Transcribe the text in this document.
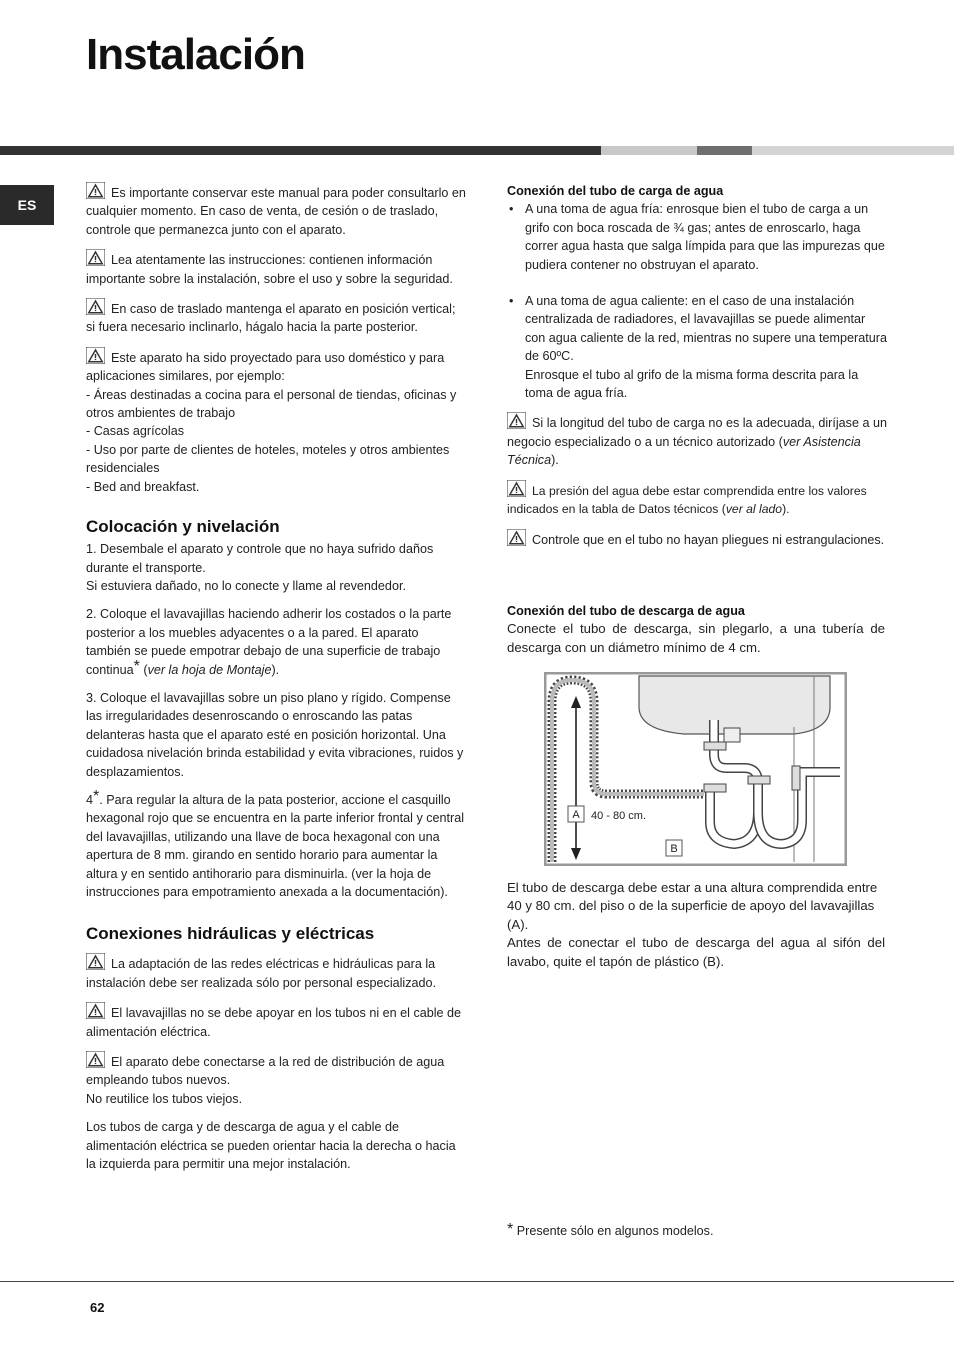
Instalación
ES

Es importante conservar este manual para poder consultarlo en cualquier momento. En caso de venta, de cesión o de traslado, controle que permanezca junto con el aparato.

Lea atentamente las instrucciones: contienen información importante sobre la instalación, sobre el uso y sobre la seguridad.

En caso de traslado mantenga el aparato en posición vertical; si fuera necesario inclinarlo, hágalo hacia la parte posterior.

Este aparato ha sido proyectado para uso doméstico y para aplicaciones similares, por ejemplo:
- Áreas destinadas a cocina para el personal de tiendas, oficinas y otros ambientes de trabajo
- Casas agrícolas
- Uso por parte de clientes de hoteles, moteles y otros ambientes residenciales
- Bed and breakfast.

Colocación y nivelación

1. Desembale el aparato y controle que no haya sufrido daños durante el transporte.
Si estuviera dañado, no lo conecte y llame al revendedor.

2. Coloque el lavavajillas haciendo adherir los costados o la parte posterior a los muebles adyacentes o a la pared. El aparato también se puede empotrar debajo de una superficie de trabajo continua* (ver la hoja de Montaje).

3. Coloque el lavavajillas sobre un piso plano y rígido. Compense las irregularidades desenroscando o enroscando las patas delanteras hasta que el aparato esté en posición horizontal. Una cuidadosa nivelación brinda estabilidad y evita vibraciones, ruidos y desplazamientos.

4*. Para regular la altura de la pata posterior, accione el casquillo hexagonal rojo que se encuentra en la parte inferior frontal y central del lavavajillas, utilizando una llave de boca hexagonal con una apertura de 8 mm. girando en sentido horario para aumentar la altura y en sentido antihorario para disminuirla. (ver la hoja de instrucciones para empotramiento anexada a la documentación).

Conexiones hidráulicas y eléctricas

La adaptación de las redes eléctricas e hidráulicas para la instalación debe ser realizada sólo por personal especializado.

El lavavajillas no se debe apoyar en los tubos ni en el cable de alimentación eléctrica.

El aparato debe conectarse a la red de distribución de agua empleando tubos nuevos.
No reutilice los tubos viejos.

Los tubos de carga y de descarga de agua y el cable de alimentación eléctrica se pueden orientar hacia la derecha o hacia la izquierda para permitir una mejor instalación.

Conexión del tubo de carga de agua
• A una toma de agua fría: enrosque bien el tubo de carga a un grifo con boca roscada de ¾ gas; antes de enroscarlo, haga correr agua hasta que salga límpida para que las impurezas que pudiera contener no obstruyan el aparato.
• A una toma de agua caliente: en el caso de una instalación centralizada de radiadores, el lavavajillas se puede alimentar con agua caliente de la red, mientras no supere una temperatura de 60ºC.
Enrosque el tubo al grifo de la misma forma descrita para la toma de agua fría.

Si la longitud del tubo de carga no es la adecuada, diríjase a un negocio especializado o a un técnico autorizado (ver Asistencia Técnica).

La presión del agua debe estar comprendida entre los valores indicados en la tabla de Datos técnicos (ver al lado).

Controle que en el tubo no hayan pliegues ni estrangulaciones.

Conexión del tubo de descarga de agua

Conecte el tubo de descarga, sin plegarlo, a una tubería de descarga con un diámetro mínimo de 4 cm.

A 40 - 80 cm.
B
El tubo de descarga debe estar a una altura comprendida entre 40 y 80 cm. del piso o de la superficie de apoyo del lavavajillas (A).
Antes de conectar el tubo de descarga del agua al sifón del lavabo, quite el tapón de plástico (B).
* Presente sólo en algunos modelos.
62
